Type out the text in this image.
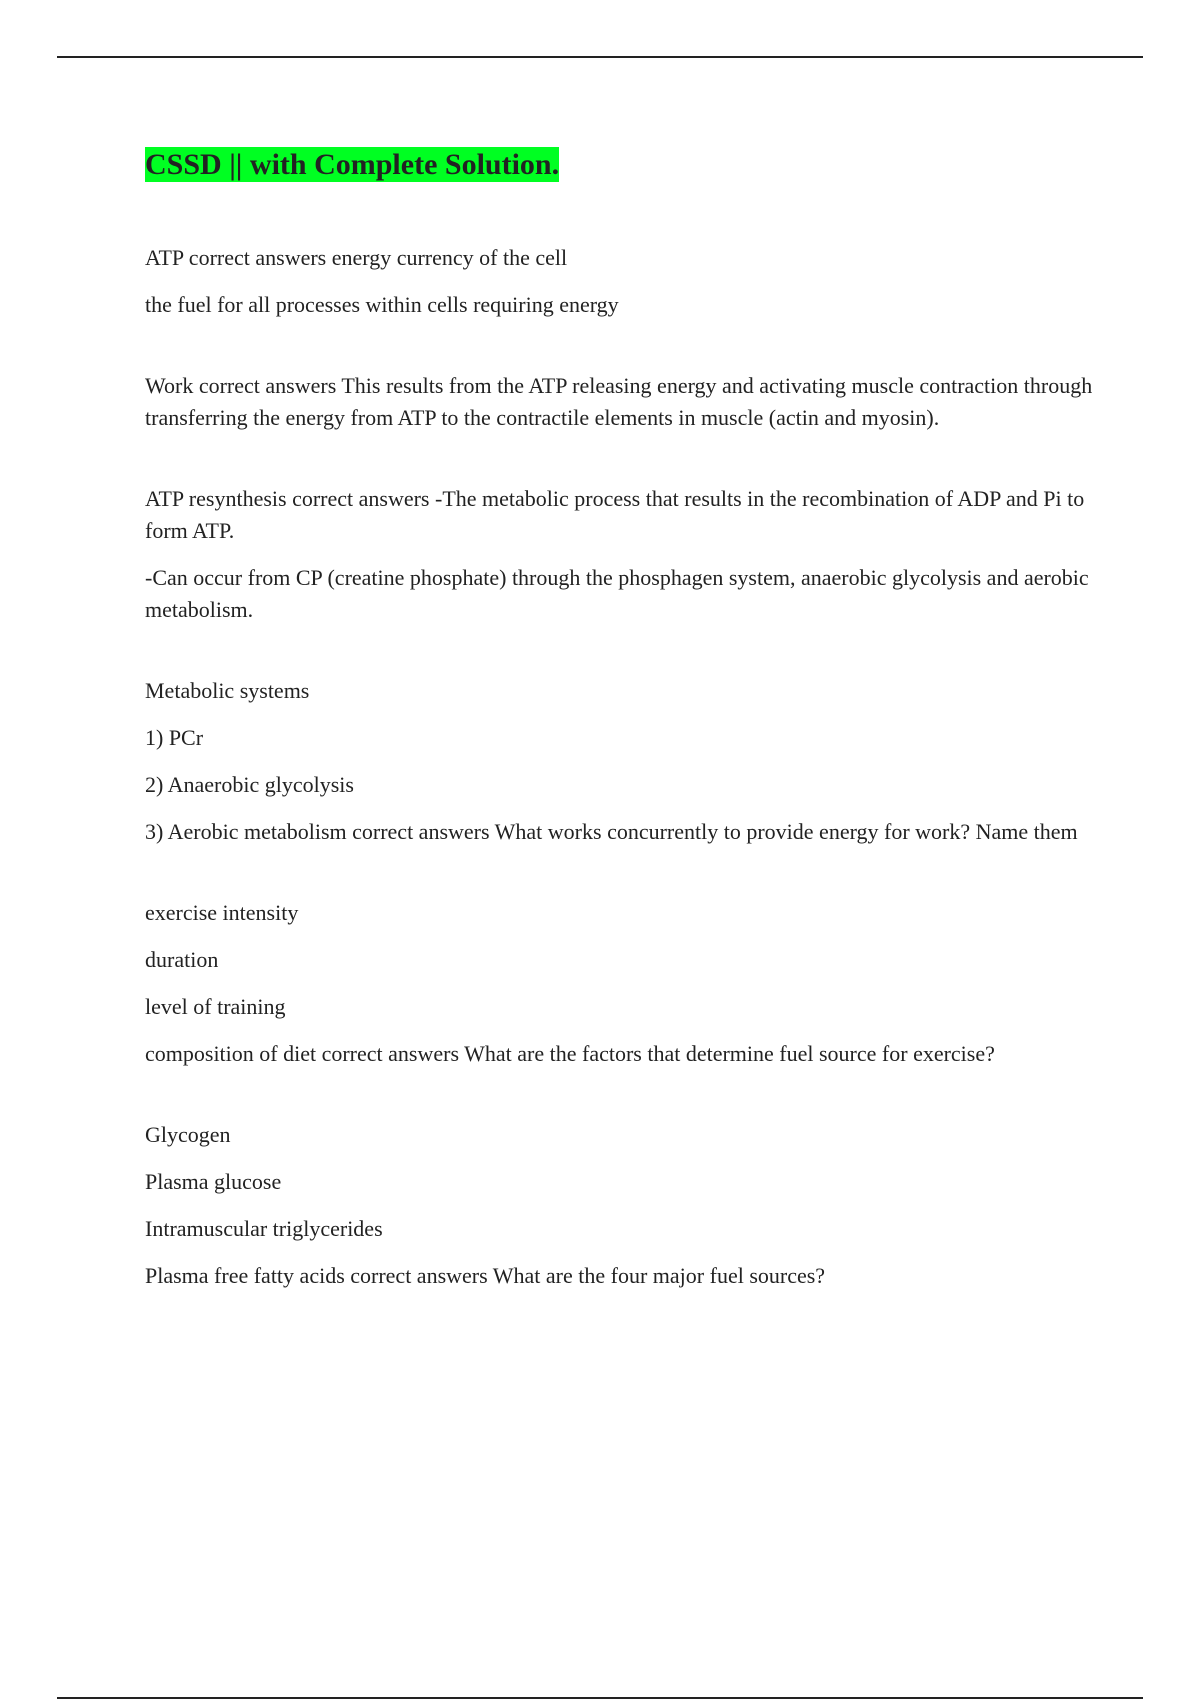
CSSD || with Complete Solution.

ATP correct answers energy currency of the cell

the fuel for all processes within cells requiring energy

Work correct answers This results from the ATP releasing energy and activating muscle contraction through transferring the energy from ATP to the contractile elements in muscle (actin and myosin).

ATP resynthesis correct answers -The metabolic process that results in the recombination of ADP and Pi to form ATP.

-Can occur from CP (creatine phosphate) through the phosphagen system, anaerobic glycolysis and aerobic metabolism.

Metabolic systems

1) PCr

2) Anaerobic glycolysis

3) Aerobic metabolism correct answers What works concurrently to provide energy for work? Name them

exercise intensity

duration

level of training

composition of diet correct answers What are the factors that determine fuel source for exercise?

Glycogen

Plasma glucose

Intramuscular triglycerides

Plasma free fatty acids correct answers What are the four major fuel sources?
